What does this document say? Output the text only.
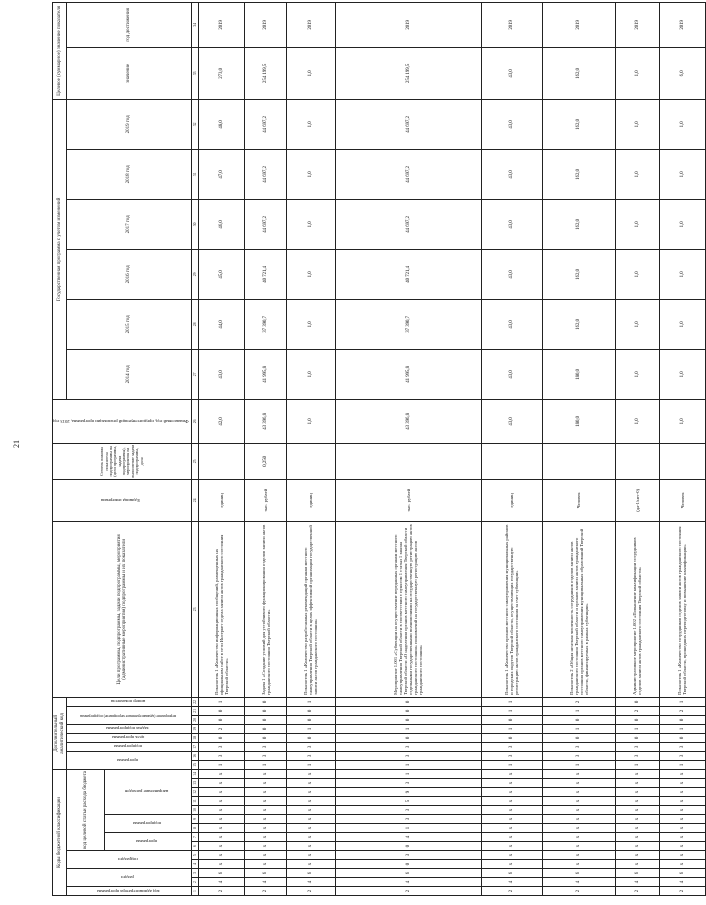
21
Коды бюджетной классификации														Дополнительный аналитический код								Цели программы, подпрограммы, задачи подпрограммы, мероприятия (административные мероприятия) подпрограммы и их показатели	Единица измерения	Степень влияния показателя подпрограммы на (цели программы, задачи подпрограммы), мероприятия на выполнение задачи подпрограммы, доля	Финансовый год, предшествующий реализации программы, 2013 год	Государственная программа с учетом изменений						Целевое (суммарное) значение показателя	
код администратора программы	раздел		подраздел		код целевой статьи расхода бюджета									программа		подпрограмма	цель программы	задача подпрограммы	мероприятие (административное мероприятие) подпрограммы		номер показателя					2014 год	2015 год	2016 год	2017 год	2018 год	2019 год	значение	год достижения
					программа		подпрограмма		направление расходов																								
1	2	3	4	5	6	7	8	9	10	11	12	13	14	15	16	17	18	19	20	21	22	23	24	25	26	27	28	29	30	31	32	33	34
2	4	6	x	x	x	x	x	x	x	x	x	x	x	1	3	3	0	2	0	0	1	Показатель 1 «Количество информационных сообщений, размещенных на официальном сайте в сети Интернет отдела записи актов гражданского состояния Тверской области»	единиц		42,0	43,0	44,0	45,0	46,0	47,0	48,0	273,0	2019
2	4	6	x	x	x	x	x	x	x	x	x	x	x	1	3	3	0	0	0	0	0	Задача 1 «Создание условий для устойчивого функционирования отделов записи актов гражданского состояния Тверской области»	тыс. рублей	0,250	43 396,8	41 995,8	37 390,7	40 721,4	44 697,2	44 697,2	44 697,2	254 199,5	2019
2	4	6	x	x	x	x	x	x	x	x	x	x	x	1	3	3	0	1	0	0	1	Показатель 1 «Количество разработанных рекомендаций органам местного самоуправления Тверской области в целях эффективной организации государственной записи актов гражданского состояния»	единиц		1,0	1,0	1,0	1,0	1,0	1,0	1,0	1,0	2019
2	4	6	0	3	0	4	1	3	3	5	9	3	1	1	3	3	0	1	0	0	0	Мероприятие 1.001 «Субвенции на осуществление переданных органам местного самоуправления Тверской области в соответствии с пунктом 1 статьи 1 закона Тверской области «О наделении органов местного самоуправления Тверской области отдельными государственными полномочиями на государственную регистрацию актов гражданского состояния» полномочий на государственную регистрацию актов гражданского состояния»	тыс. рублей		43 396,8	41 995,8	37 390,7	40 721,4	44 697,2	44 697,2	44 697,2	254 199,5	2019
2	4	6	x	x	x	x	x	x	x	x	x	x	x	1	3	3	0	1	0	1	1	Показатель 1 «Количество органов местного самоуправления муниципальных районов и городских округов Тверской области, осуществляющих государственную регистрацию актов гражданского состояния за счет субвенции»	единиц		43,0	43,0	43,0	43,0	43,0	43,0	43,0	43,0	2019
2	4	6	x	x	x	x	x	x	x	x	x	x	x	1	3	3	0	1	0	1	2	Показатель 2 «Общая штатная численность сотрудников отделов записи актов гражданского состояния Тверской области и органов записи актов гражданского состояния органов местного самоуправления муниципальных образований Тверской области, финансируемых в рамках субвенции»	Человек		180,0	180,0	162,0	162,0	162,0	162,0	162,0	162,0	2019
2	4	6	x	x	x	x	x	x	x	x	x	x	x	1	3	3	0	1	0	2	0	Административное мероприятие 1.002 «Повышение квалификации сотрудников отделов записи актов гражданского состояния Тверской области»	(да-1/нет-0)		1,0	1,0	1,0	1,0	1,0	1,0	1,0	1,0	2019
2	4	6	x	x	x	x	x	x	x	x	x	x	x	1	3	3	0	1	0	2	1	Показатель 1 «Количество сотрудников отделов записи актов гражданского состояния Тверской области, прошедших переподготовку и повышение квалификации»	Человек		1,0	1,0	1,0	1,0	1,0	1,0	1,0	6,0	2019
